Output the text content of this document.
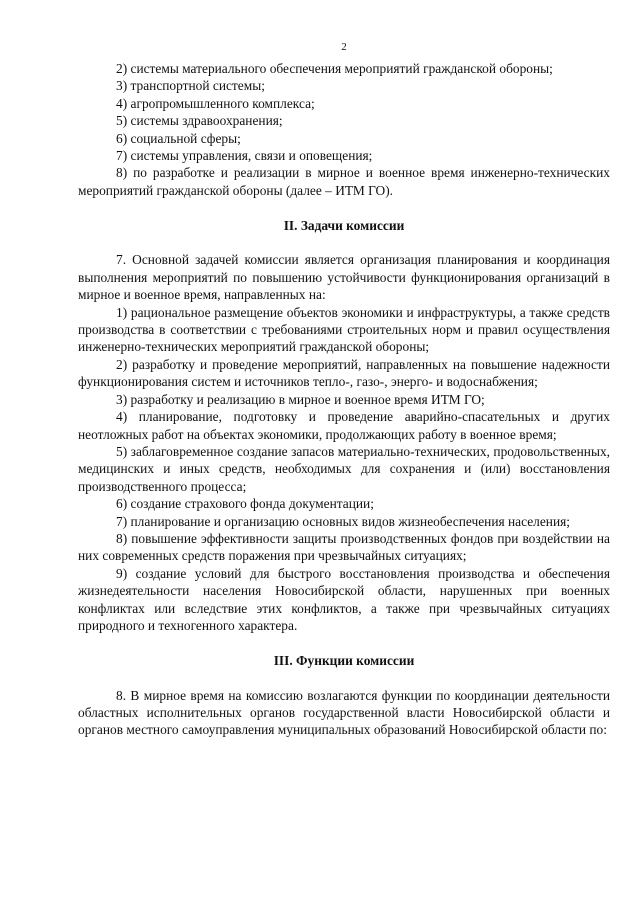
2

2) системы материального обеспечения мероприятий гражданской обороны;

3) транспортной системы;

4) агропромышленного комплекса;

5) системы здравоохранения;

6) социальной сферы;

7) системы управления, связи и оповещения;

8) по разработке и реализации в мирное и военное время инженерно-технических мероприятий гражданской обороны (далее – ИТМ ГО).

II. Задачи комиссии

7. Основной задачей комиссии является организация планирования и координация выполнения мероприятий по повышению устойчивости функционирования организаций в мирное и военное время, направленных на:

1) рациональное размещение объектов экономики и инфраструктуры, а также средств производства в соответствии с требованиями строительных норм и правил осуществления инженерно-технических мероприятий гражданской обороны;

2) разработку и проведение мероприятий, направленных на повышение надежности функционирования систем и источников тепло-, газо-, энерго- и водоснабжения;

3) разработку и реализацию в мирное и военное время ИТМ ГО;

4) планирование, подготовку и проведение аварийно-спасательных и других неотложных работ на объектах экономики, продолжающих работу в военное время;

5) заблаговременное создание запасов материально-технических, продовольственных, медицинских и иных средств, необходимых для сохранения и (или) восстановления производственного процесса;

6) создание страхового фонда документации;

7) планирование и организацию основных видов жизнеобеспечения населения;

8) повышение эффективности защиты производственных фондов при воздействии на них современных средств поражения при чрезвычайных ситуациях;

9) создание условий для быстрого восстановления производства и обеспечения жизнедеятельности населения Новосибирской области, нарушенных при военных конфликтах или вследствие этих конфликтов, а также при чрезвычайных ситуациях природного и техногенного характера.

III. Функции комиссии

8. В мирное время на комиссию возлагаются функции по координации деятельности областных исполнительных органов государственной власти Новосибирской области и органов местного самоуправления муниципальных образований Новосибирской области по:
